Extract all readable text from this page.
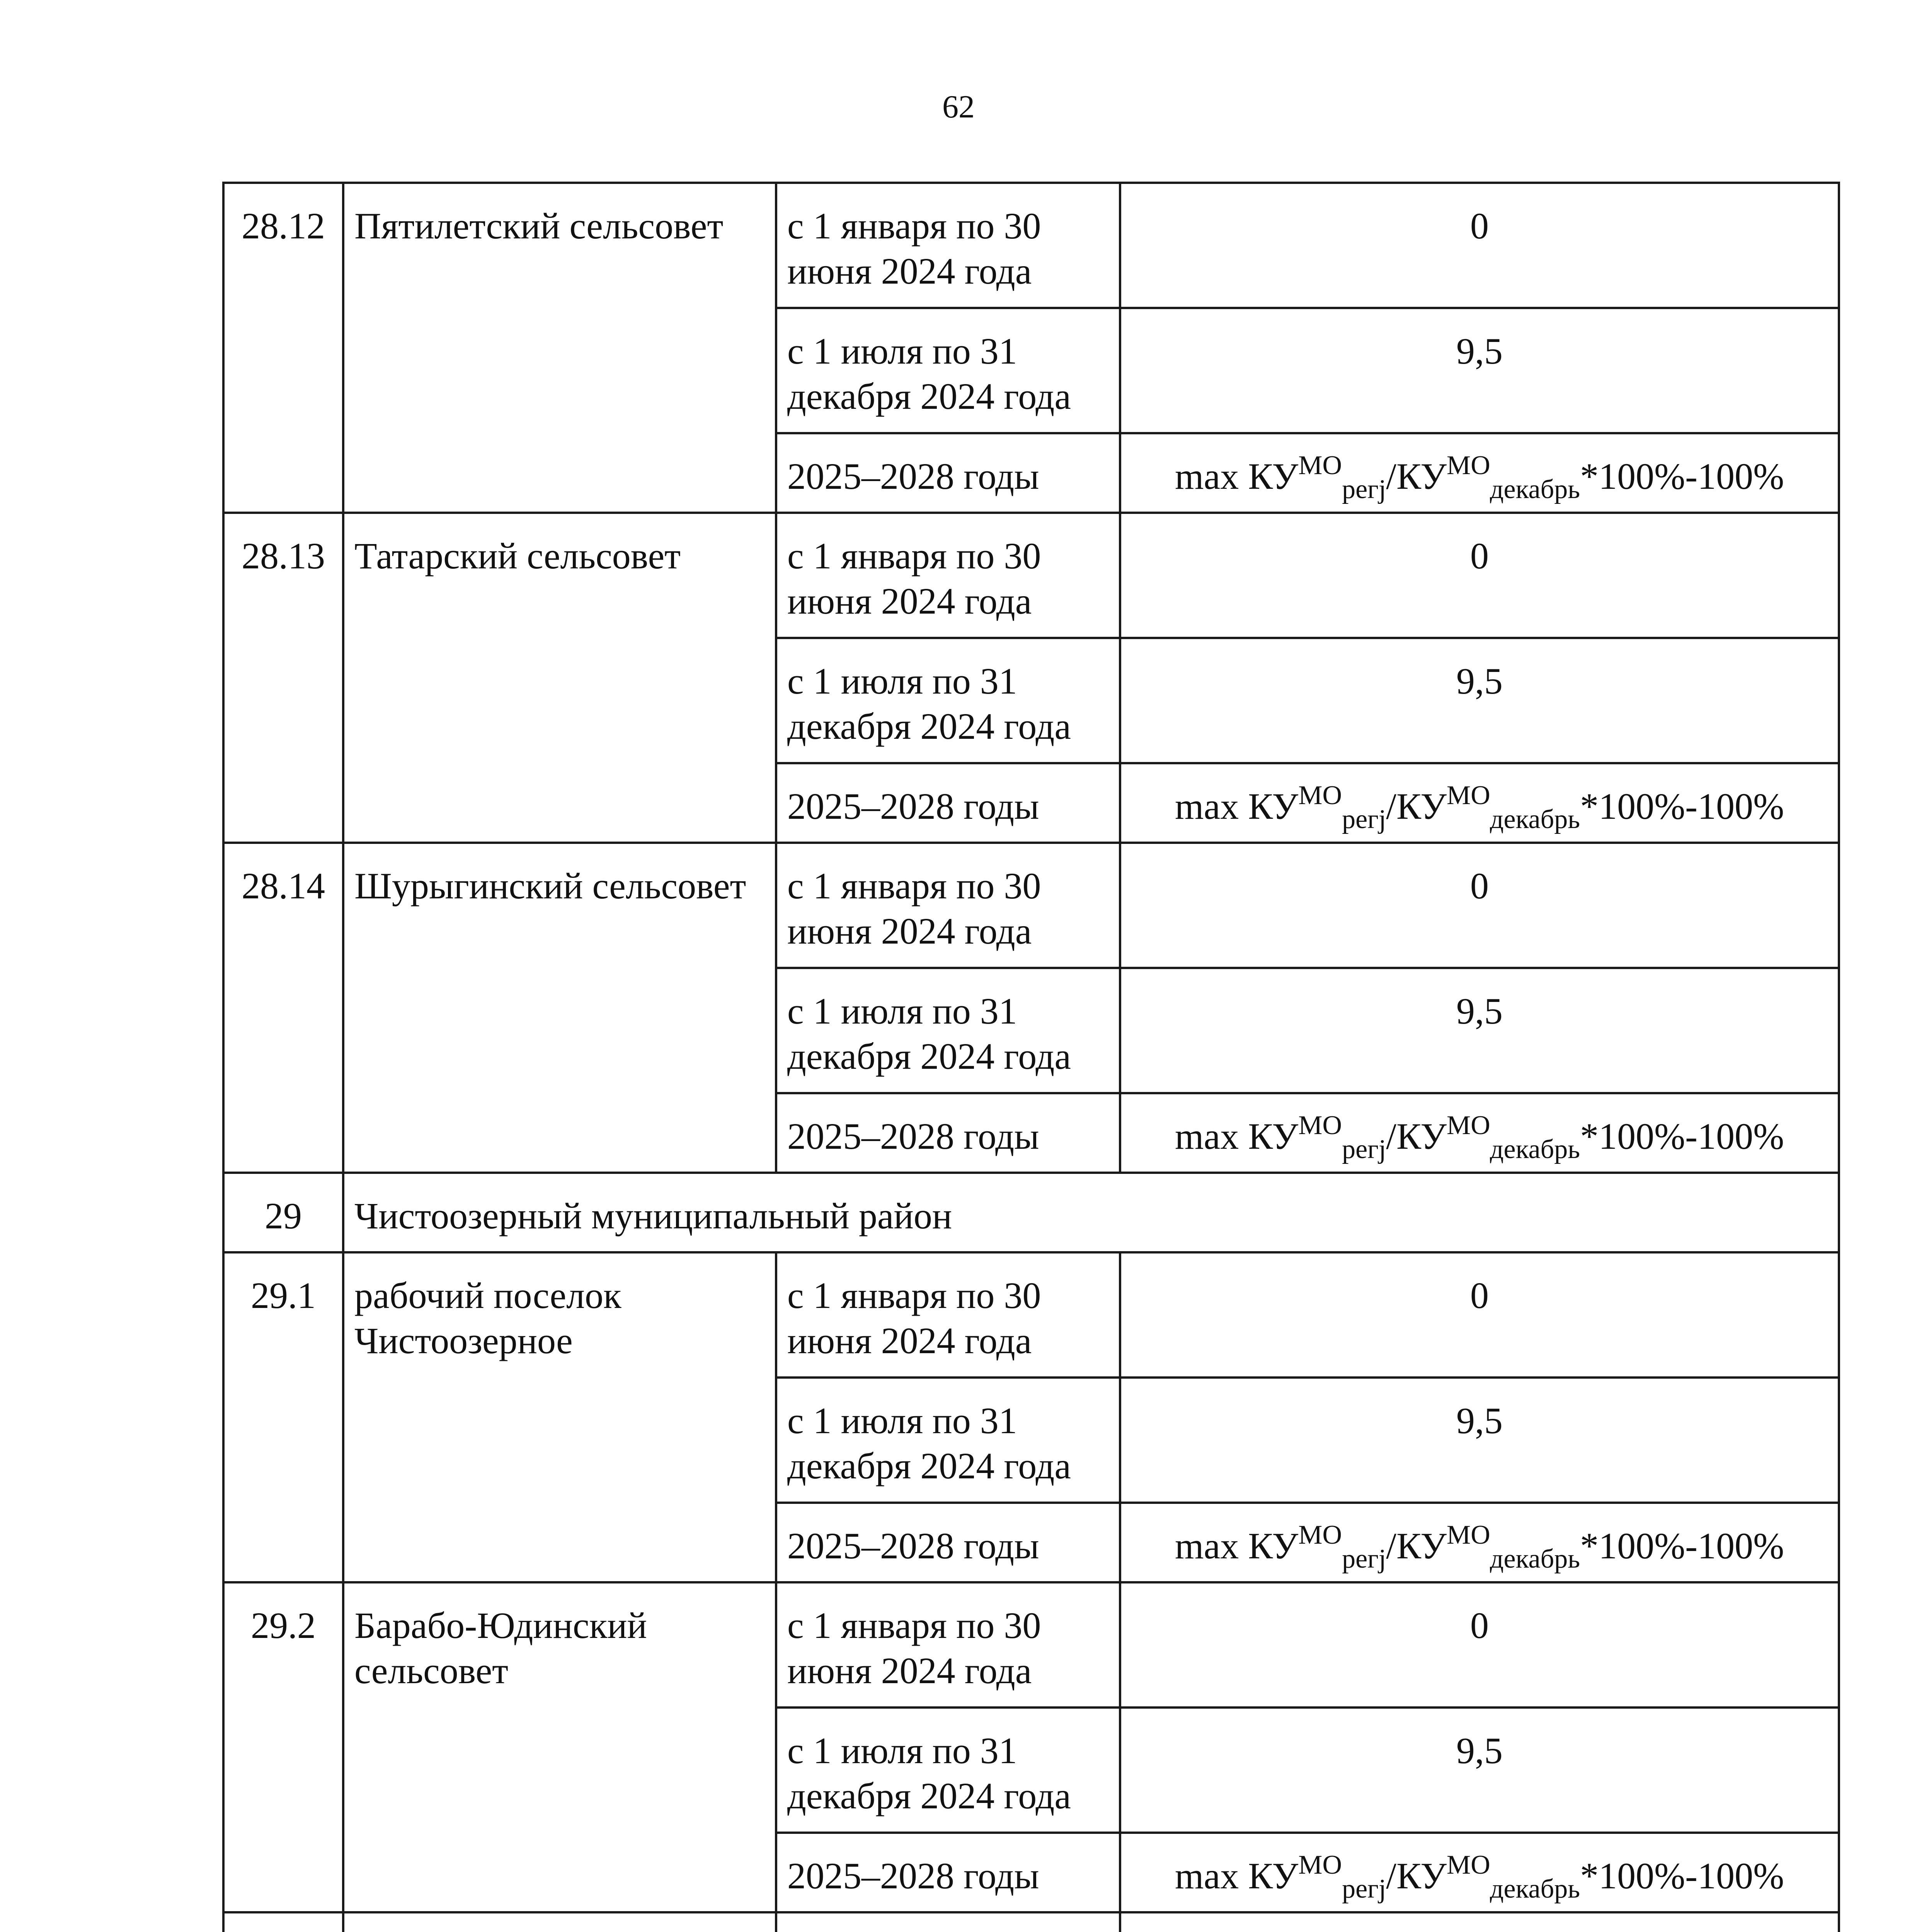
62
28.12	Пятилетский сельсовет	с 1 января по 30 июня 2024 года	0
		с 1 июля по 31 декабря 2024 года	9,5
		2025–2028 годы	$\max КУ^{МО}_{pегj}/КУ^{МО}_{декабрь}*100\%-100\%$
28.13	Татарский сельсовет	с 1 января по 30 июня 2024 года	0
		с 1 июля по 31 декабря 2024 года	9,5
		2025–2028 годы	$\max КУ^{МО}_{pегj}/КУ^{МО}_{декабрь}*100\%-100\%$
28.14	Шурыгинский сельсовет	с 1 января по 30 июня 2024 года	0
		с 1 июля по 31 декабря 2024 года	9,5
		2025–2028 годы	$\max КУ^{МО}_{pегj}/КУ^{МО}_{декабрь}*100\%-100\%$
29	Чистоозерный муниципальный район		
29.1	рабочий поселок Чистоозерное	с 1 января по 30 июня 2024 года	0
		с 1 июля по 31 декабря 2024 года	9,5
		2025–2028 годы	$\max КУ^{МО}_{pегj}/КУ^{МО}_{декабрь}*100\%-100\%$
29.2	Барабо-Юдинский сельсовет	с 1 января по 30 июня 2024 года	0
		с 1 июля по 31 декабря 2024 года	9,5
		2025–2028 годы	$\max КУ^{МО}_{pегj}/КУ^{МО}_{декабрь}*100\%-100\%$
